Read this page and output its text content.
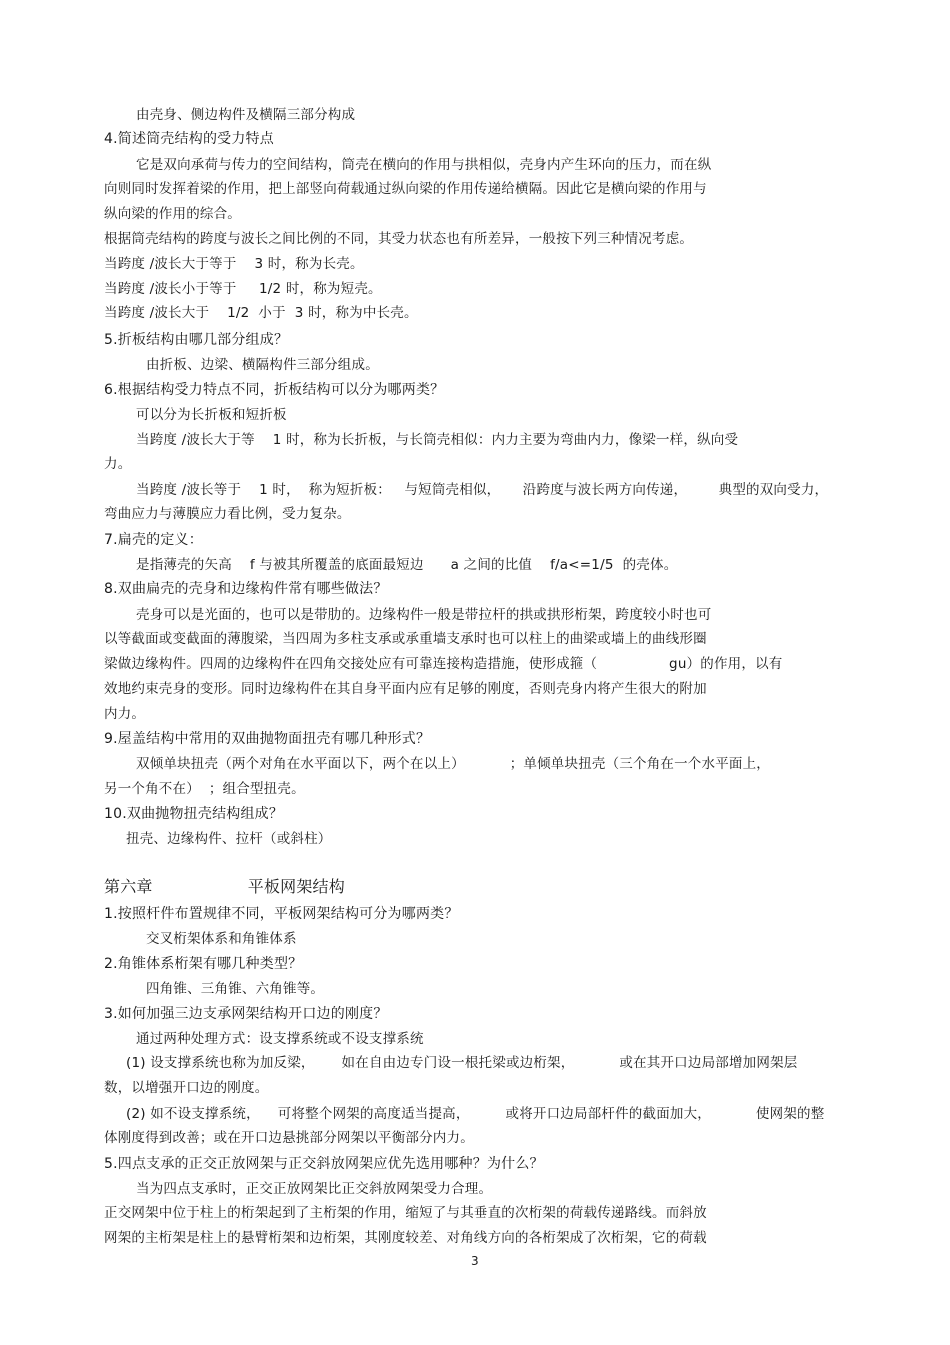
由壳身、侧边构件及横隔三部分构成
4.简述筒壳结构的受力特点
它是双向承荷与传力的空间结构，筒壳在横向的作用与拱相似，壳身内产生环向的压力，而在纵
向则同时发挥着梁的作用，把上部竖向荷载通过纵向梁的作用传递给横隔。因此它是横向梁的作用与
纵向梁的作用的综合。
根据筒壳结构的跨度与波长之间比例的不同，其受力状态也有所差异，一般按下列三种情况考虑。
当跨度 /波长大于等于    3 时，称为长壳。
当跨度 /波长小于等于     1/2 时，称为短壳。
当跨度 /波长大于    1/2  小于  3 时，称为中长壳。
5.折板结构由哪几部分组成？
由折板、边梁、横隔构件三部分组成。
6.根据结构受力特点不同，折板结构可以分为哪两类？
可以分为长折板和短折板
当跨度 /波长大于等    1 时，称为长折板，与长筒壳相似：内力主要为弯曲内力，像梁一样，纵向受
力。
当跨度 /波长等于    1 时，  称为短折板：   与短筒壳相似，     沿跨度与波长两方向传递，       典型的双向受力，
弯曲应力与薄膜应力看比例，受力复杂。
7.扁壳的定义：
是指薄壳的矢高    f 与被其所覆盖的底面最短边      a 之间的比值    f/a<=1/5  的壳体。
8.双曲扁壳的壳身和边缘构件常有哪些做法？
壳身可以是光面的，也可以是带肋的。边缘构件一般是带拉杆的拱或拱形桁架，跨度较小时也可
以等截面或变截面的薄腹梁，当四周为多柱支承或承重墙支承时也可以柱上的曲梁或墙上的曲线形圈
梁做边缘构件。四周的边缘构件在四角交接处应有可靠连接构造措施，使形成箍（                gu）的作用，以有
效地约束壳身的变形。同时边缘构件在其自身平面内应有足够的刚度，否则壳身内将产生很大的附加
内力。
9.屋盖结构中常用的双曲抛物面扭壳有哪几种形式？
双倾单块扭壳（两个对角在水平面以下，两个在以上）          ；单倾单块扭壳（三个角在一个水平面上，
另一个角不在）  ；组合型扭壳。
10.双曲抛物扭壳结构组成？
扭壳、边缘构件、拉杆（或斜柱）
第六章                  平板网架结构
1.按照杆件布置规律不同，平板网架结构可分为哪两类？
交叉桁架体系和角锥体系
2.角锥体系桁架有哪几种类型？
四角锥、三角锥、六角锥等。
3.如何加强三边支承网架结构开口边的刚度？
通过两种处理方式：设支撑系统或不设支撑系统
(1) 设支撑系统也称为加反梁，      如在自由边专门设一根托梁或边桁架，          或在其开口边局部增加网架层
数，以增强开口边的刚度。
(2) 如不设支撑系统，    可将整个网架的高度适当提高，        或将开口边局部杆件的截面加大，          使网架的整
体刚度得到改善；或在开口边悬挑部分网架以平衡部分内力。
5.四点支承的正交正放网架与正交斜放网架应优先选用哪种？为什么？
当为四点支承时，正交正放网架比正交斜放网架受力合理。
正交网架中位于柱上的桁架起到了主桁架的作用，缩短了与其垂直的次桁架的荷载传递路线。而斜放
网架的主桁架是柱上的悬臂桁架和边桁架，其刚度较差、对角线方向的各桁架成了次桁架，它的荷载
3
